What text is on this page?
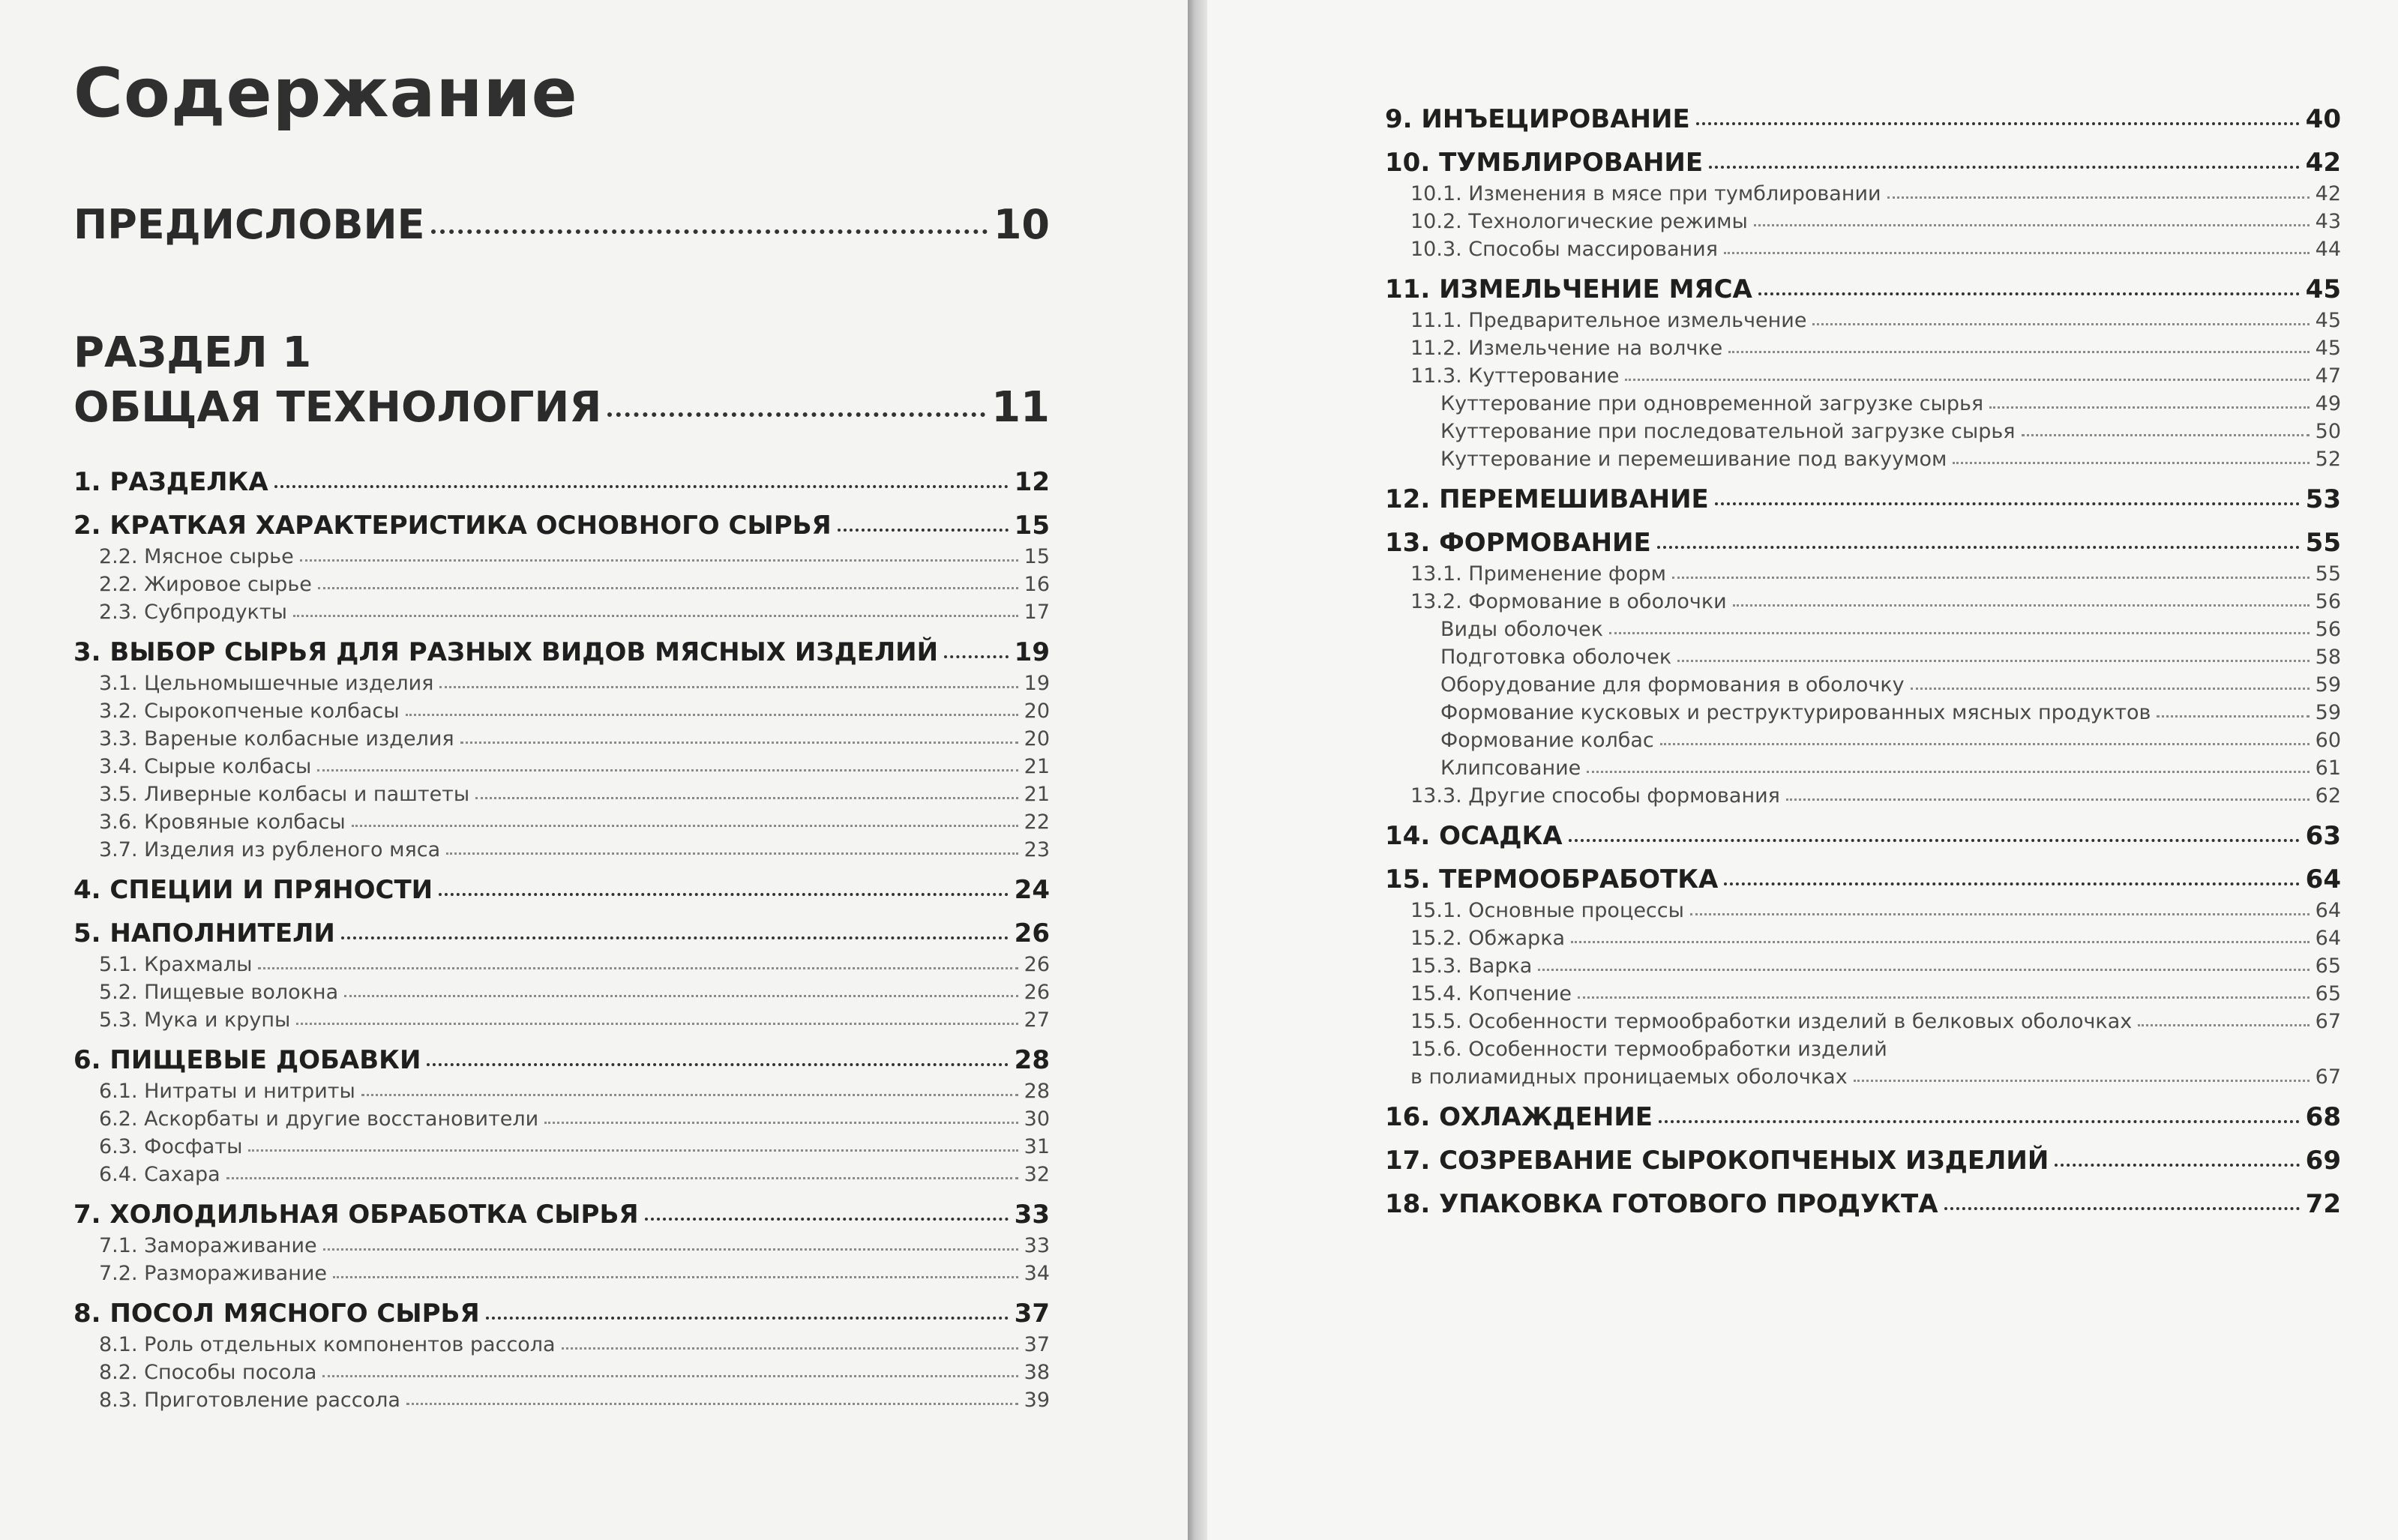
Содержание
ПРЕДИСЛОВИЕ	10
РАЗДЕЛ 1
ОБЩАЯ ТЕХНОЛОГИЯ	11
1. РАЗДЕЛКА	12
2. КРАТКАЯ ХАРАКТЕРИСТИКА ОСНОВНОГО СЫРЬЯ	15
2.2. Мясное сырье	15
2.2. Жировое сырье	16
2.3. Субпродукты	17
3. ВЫБОР СЫРЬЯ ДЛЯ РАЗНЫХ ВИДОВ МЯСНЫХ ИЗДЕЛИЙ	19
3.1. Цельномышечные изделия	19
3.2. Сырокопченые колбасы	20
3.3. Вареные колбасные изделия	20
3.4. Сырые колбасы	21
3.5. Ливерные колбасы и паштеты	21
3.6. Кровяные колбасы	22
3.7. Изделия из рубленого мяса	23
4. СПЕЦИИ И ПРЯНОСТИ	24
5. НАПОЛНИТЕЛИ	26
5.1. Крахмалы	26
5.2. Пищевые волокна	26
5.3. Мука и крупы	27
6. ПИЩЕВЫЕ ДОБАВКИ	28
6.1. Нитраты и нитриты	28
6.2. Аскорбаты и другие восстановители	30
6.3. Фосфаты	31
6.4. Сахара	32
7. ХОЛОДИЛЬНАЯ ОБРАБОТКА СЫРЬЯ	33
7.1. Замораживание	33
7.2. Размораживание	34
8. ПОСОЛ МЯСНОГО СЫРЬЯ	37
8.1. Роль отдельных компонентов рассола	37
8.2. Способы посола	38
8.3. Приготовление рассола	39
9. ИНЪЕЦИРОВАНИЕ	40
10. ТУМБЛИРОВАНИЕ	42
10.1. Изменения в мясе при тумблировании	42
10.2. Технологические режимы	43
10.3. Способы массирования	44
11. ИЗМЕЛЬЧЕНИЕ МЯСА	45
11.1. Предварительное измельчение	45
11.2. Измельчение на волчке	45
11.3. Куттерование	47
Куттерование при одновременной загрузке сырья	49
Куттерование при последовательной загрузке сырья	50
Куттерование и перемешивание под вакуумом	52
12. ПЕРЕМЕШИВАНИЕ	53
13. ФОРМОВАНИЕ	55
13.1. Применение форм	55
13.2. Формование в оболочки	56
Виды оболочек	56
Подготовка оболочек	58
Оборудование для формования в оболочку	59
Формование кусковых и реструктурированных мясных продуктов	59
Формование колбас	60
Клипсование	61
13.3. Другие способы формования	62
14. ОСАДКА	63
15. ТЕРМООБРАБОТКА	64
15.1. Основные процессы	64
15.2. Обжарка	64
15.3. Варка	65
15.4. Копчение	65
15.5. Особенности термообработки изделий в белковых оболочках	67
15.6. Особенности термообработки изделий
в полиамидных проницаемых оболочках	67
16. ОХЛАЖДЕНИЕ	68
17. СОЗРЕВАНИЕ СЫРОКОПЧЕНЫХ ИЗДЕЛИЙ	69
18. УПАКОВКА ГОТОВОГО ПРОДУКТА	72
